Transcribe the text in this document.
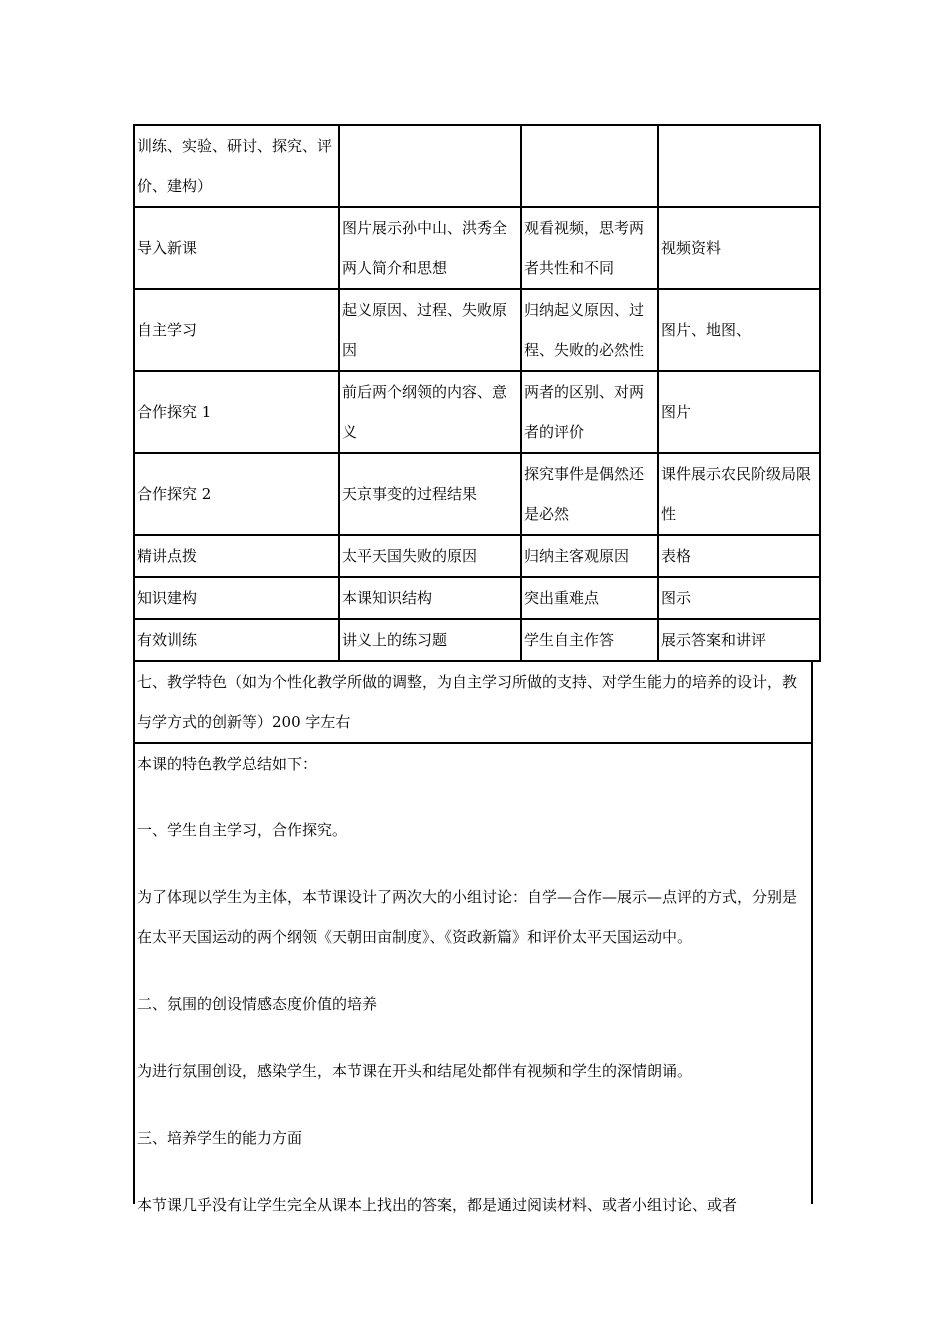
训练、实验、研讨、探究、评价、建构）			
导入新课	图片展示孙中山、洪秀全两人简介和思想	观看视频，思考两者共性和不同	视频资料
自主学习	起义原因、过程、失败原因	归纳起义原因、过程、失败的必然性	图片、地图、
合作探究 1	前后两个纲领的内容、意义	两者的区别、对两者的评价	图片
合作探究 2	天京事变的过程结果	探究事件是偶然还是必然	课件展示农民阶级局限性
精讲点拨	太平天国失败的原因	归纳主客观原因	表格
知识建构	本课知识结构	突出重难点	图示
有效训练	讲义上的练习题	学生自主作答	展示答案和讲评
七、教学特色（如为个性化教学所做的调整，为自主学习所做的支持、对学生能力的培养的设计，教与学方式的创新等）200 字左右

本课的特色教学总结如下：

一、学生自主学习，合作探究。

为了体现以学生为主体，本节课设计了两次大的小组讨论：自学—合作—展示—点评的方式，分别是在太平天国运动的两个纲领《天朝田亩制度》、《资政新篇》和评价太平天国运动中。

二、氛围的创设情感态度价值的培养

为进行氛围创设，感染学生，本节课在开头和结尾处都伴有视频和学生的深情朗诵。

三、培养学生的能力方面

本节课几乎没有让学生完全从课本上找出的答案，都是通过阅读材料、或者小组讨论、或者
